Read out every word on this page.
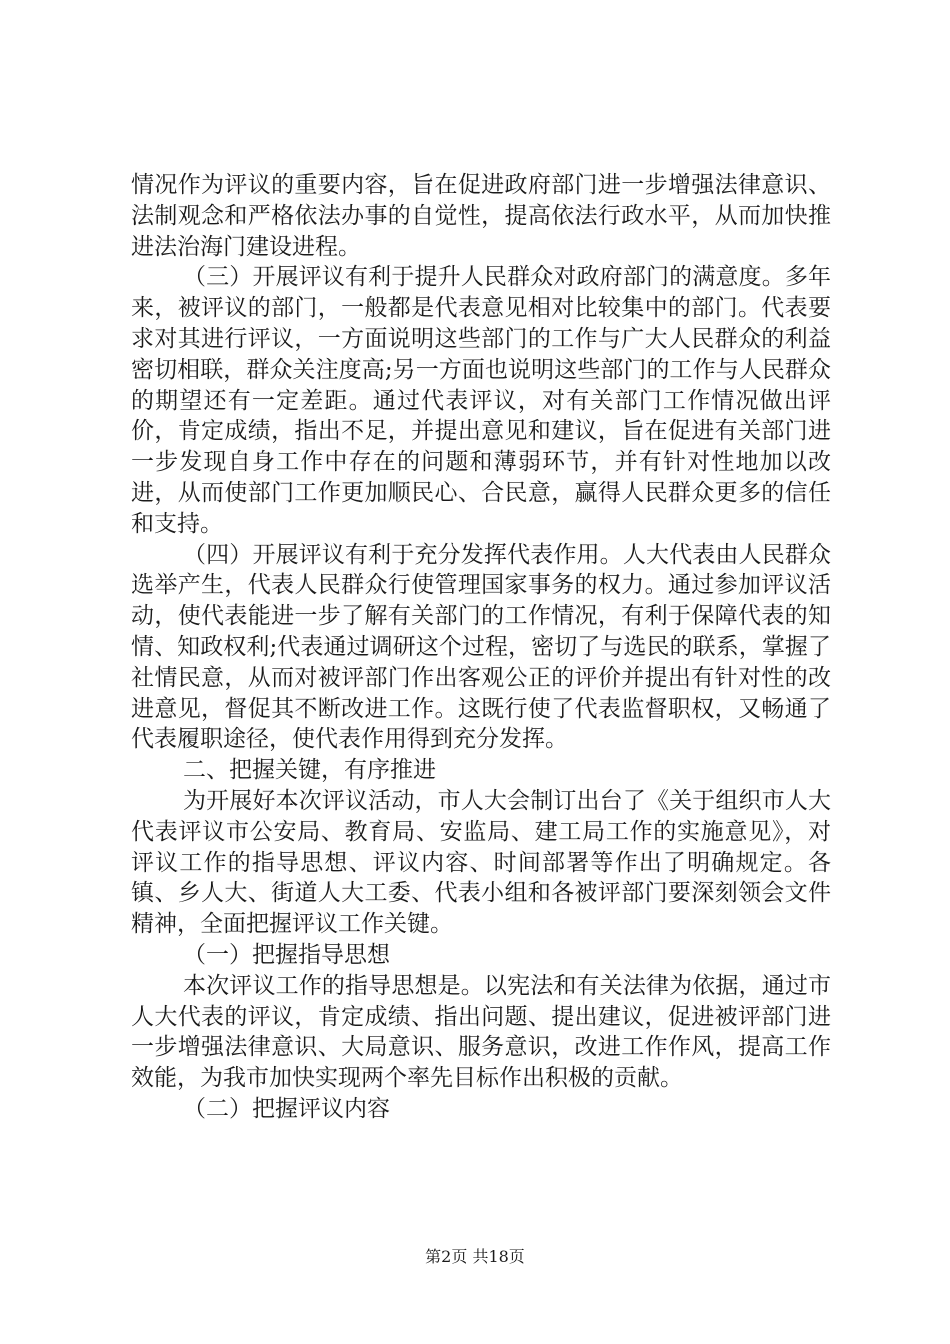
情况作为评议的重要内容，旨在促进政府部门进一步增强法律意识、法制观念和严格依法办事的自觉性，提高依法行政水平，从而加快推进法治海门建设进程。

（三）开展评议有利于提升人民群众对政府部门的满意度。多年来，被评议的部门，一般都是代表意见相对比较集中的部门。代表要求对其进行评议，一方面说明这些部门的工作与广大人民群众的利益密切相联，群众关注度高;另一方面也说明这些部门的工作与人民群众的期望还有一定差距。通过代表评议，对有关部门工作情况做出评价，肯定成绩，指出不足，并提出意见和建议，旨在促进有关部门进一步发现自身工作中存在的问题和薄弱环节，并有针对性地加以改进，从而使部门工作更加顺民心、合民意，赢得人民群众更多的信任和支持。

（四）开展评议有利于充分发挥代表作用。人大代表由人民群众选举产生，代表人民群众行使管理国家事务的权力。通过参加评议活动，使代表能进一步了解有关部门的工作情况，有利于保障代表的知情、知政权利;代表通过调研这个过程，密切了与选民的联系，掌握了社情民意，从而对被评部门作出客观公正的评价并提出有针对性的改进意见，督促其不断改进工作。这既行使了代表监督职权，又畅通了代表履职途径，使代表作用得到充分发挥。

二、把握关键，有序推进

为开展好本次评议活动，市人大会制订出台了《关于组织市人大代表评议市公安局、教育局、安监局、建工局工作的实施意见》，对评议工作的指导思想、评议内容、时间部署等作出了明确规定。各镇、乡人大、街道人大工委、代表小组和各被评部门要深刻领会文件精神，全面把握评议工作关键。

（一）把握指导思想

本次评议工作的指导思想是。以宪法和有关法律为依据，通过市人大代表的评议，肯定成绩、指出问题、提出建议，促进被评部门进一步增强法律意识、大局意识、服务意识，改进工作作风，提高工作效能，为我市加快实现两个率先目标作出积极的贡献。

（二）把握评议内容

第2页 共18页
